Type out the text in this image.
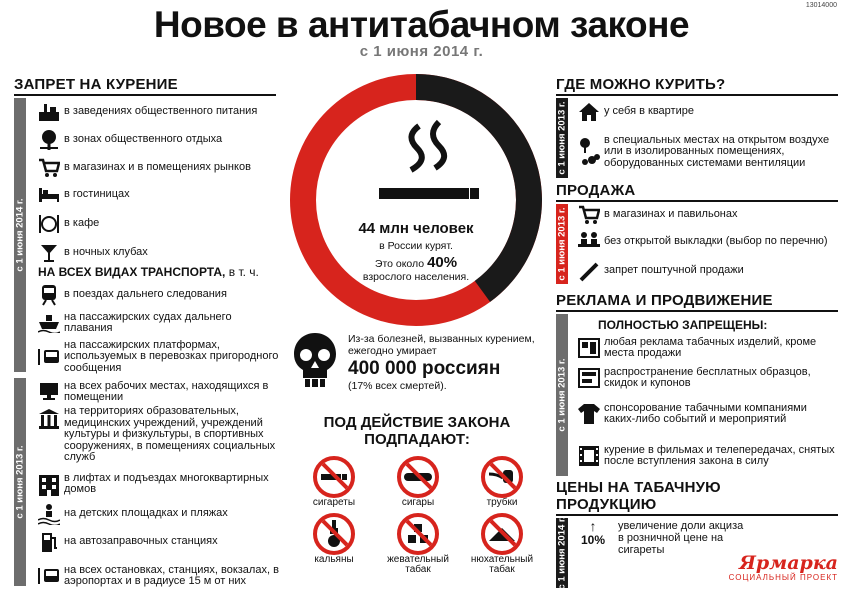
13014000
Новое в антитабачном законе
с 1 июня 2014 г.
ЗАПРЕТ НА КУРЕНИЕ
с 1 июня 2014 г.
с 1 июня 2013 г.
в заведениях общественного питания
в зонах общественного отдыха
в магазинах и в помещениях рынков
в гостиницах
в кафе
в ночных клубах
НА ВСЕХ ВИДАХ ТРАНСПОРТА, в т. ч.
в поездах дальнего следования
на пассажирских судах дальнего плавания
на пассажирских платформах, используемых в перевозках пригородного сообщения
на всех рабочих местах, находящихся в помещении
на территориях образовательных, медицинских учреждений, учреждений культуры и физкультуры, в спортивных сооружениях, в помещениях социальных служб
в лифтах и подъездах многоквартирных домов
на детских площадках и пляжах
на автозаправочных станциях
на всех остановках, станциях, вокзалах, в аэропортах и в радиусе 15 м от них
44 млн человек
в России курят.
Это около 40%
взрослого населения.
Из-за болезней, вызванных курением, ежегодно умирает
400 000 россиян
(17% всех смертей).
ПОД ДЕЙСТВИЕ ЗАКОНА
ПОДПАДАЮТ:
сигареты	сигары	трубки
кальяны	жевательный табак
нюхательный табак
ГДЕ МОЖНО КУРИТЬ?
с 1 июня 2013 г.	у себя в квартире
в специальных местах на открытом воздухе или в изолированных помещениях, оборудованных системами вентиляции
ПРОДАЖА
с 1 июня 2013 г.	в магазинах и павильонах
без открытой выкладки (выбор по перечню)
запрет поштучной продажи
РЕКЛАМА И ПРОДВИЖЕНИЕ
с 1 июня 2013 г.
ПОЛНОСТЬЮ ЗАПРЕЩЕНЫ:
любая реклама табачных изделий, кроме места продажи
распространение бесплатных образцов, скидок и купонов
спонсорование табачными компаниями каких-либо событий и мероприятий
курение в фильмах и телепередачах, снятых после вступления закона в силу
ЦЕНЫ НА ТАБАЧНУЮ
ПРОДУКЦИЮ
с 1 июня 2014 г.	↑
10%
увеличение доли акциза в розничной цене на сигареты
Ярмарка
СОЦИАЛЬНЫЙ ПРОЕКТ
